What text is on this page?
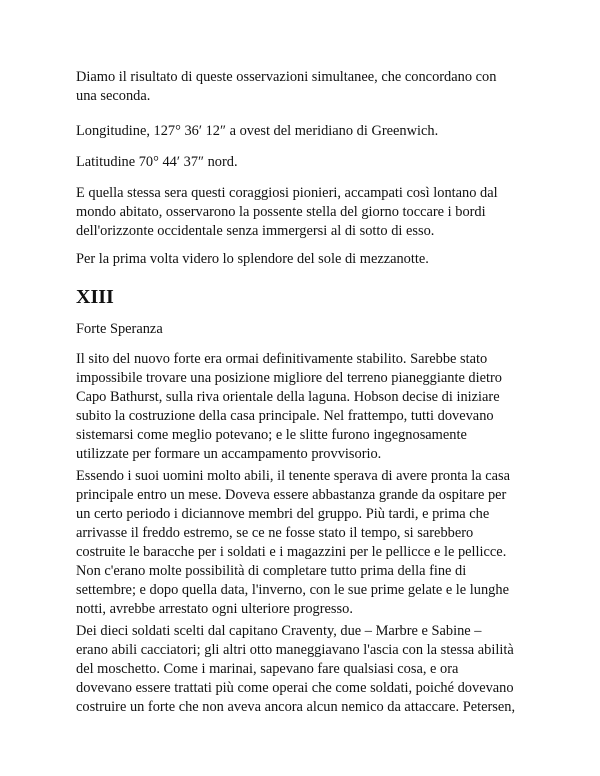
Diamo il risultato di queste osservazioni simultanee, che concordano con
una seconda.

Longitudine, 127° 36′ 12″ a ovest del meridiano di Greenwich.

Latitudine 70° 44′ 37″ nord.

E quella stessa sera questi coraggiosi pionieri, accampati così lontano dal
mondo abitato, osservarono la possente stella del giorno toccare i bordi
dell'orizzonte occidentale senza immergersi al di sotto di esso.

Per la prima volta videro lo splendore del sole di mezzanotte.

XIII

Forte Speranza

Il sito del nuovo forte era ormai definitivamente stabilito. Sarebbe stato
impossibile trovare una posizione migliore del terreno pianeggiante dietro
Capo Bathurst, sulla riva orientale della laguna. Hobson decise di iniziare
subito la costruzione della casa principale. Nel frattempo, tutti dovevano
sistemarsi come meglio potevano; e le slitte furono ingegnosamente
utilizzate per formare un accampamento provvisorio.

Essendo i suoi uomini molto abili, il tenente sperava di avere pronta la casa
principale entro un mese. Doveva essere abbastanza grande da ospitare per
un certo periodo i diciannove membri del gruppo. Più tardi, e prima che
arrivasse il freddo estremo, se ce ne fosse stato il tempo, si sarebbero
costruite le baracche per i soldati e i magazzini per le pellicce e le pellicce.
Non c'erano molte possibilità di completare tutto prima della fine di
settembre; e dopo quella data, l'inverno, con le sue prime gelate e le lunghe
notti, avrebbe arrestato ogni ulteriore progresso.

Dei dieci soldati scelti dal capitano Craventy, due – Marbre e Sabine –
erano abili cacciatori; gli altri otto maneggiavano l'ascia con la stessa abilità
del moschetto. Come i marinai, sapevano fare qualsiasi cosa, e ora
dovevano essere trattati più come operai che come soldati, poiché dovevano
costruire un forte che non aveva ancora alcun nemico da attaccare. Petersen,
